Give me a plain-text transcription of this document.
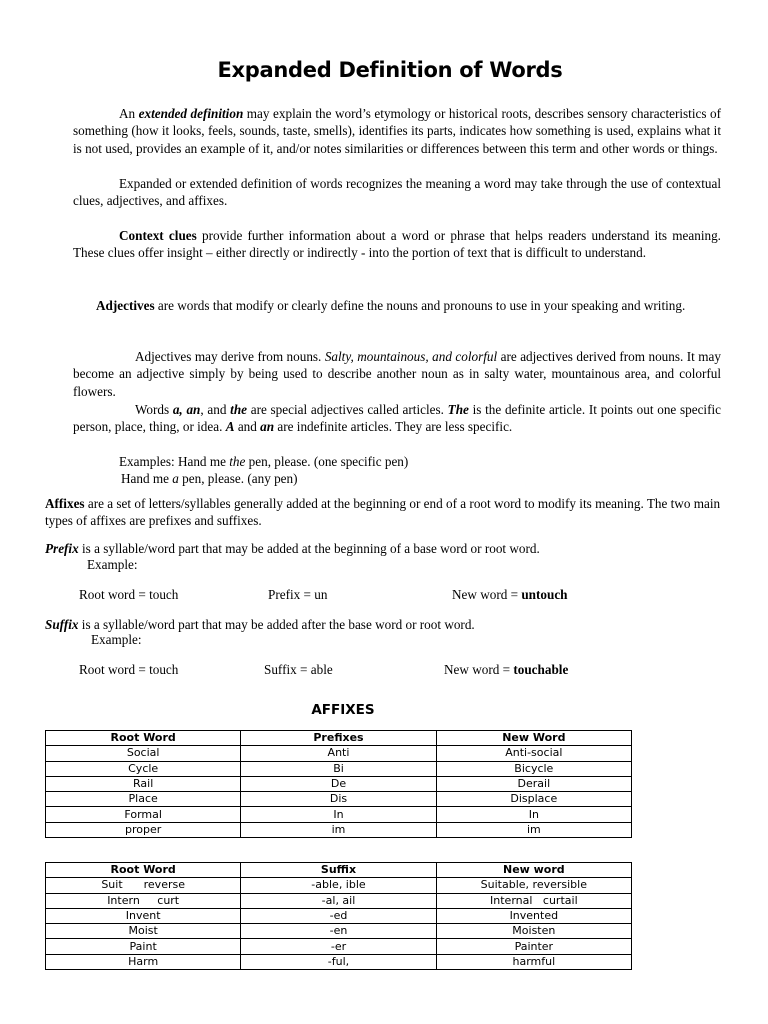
Expanded Definition of Words
An extended definition may explain the word’s etymology or historical roots, describes sensory characteristics of something (how it looks, feels, sounds, taste, smells), identifies its parts, indicates how something is used, explains what it is not used, provides an example of it, and/or notes similarities or differences between this term and other words or things.
Expanded or extended definition of words recognizes the meaning a word may take through the use of contextual clues, adjectives, and affixes.
Context clues provide further information about a word or phrase that helps readers understand its meaning. These clues offer insight – either directly or indirectly - into the portion of text that is difficult to understand.
Adjectives are words that modify or clearly define the nouns and pronouns to use in your speaking and writing.
Adjectives may derive from nouns. Salty, mountainous, and colorful are adjectives derived from nouns. It may become an adjective simply by being used to describe another noun as in salty water, mountainous area, and colorful flowers.
Words a, an, and the are special adjectives called articles. The is the definite article. It points out one specific person, place, thing, or idea. A and an are indefinite articles. They are less specific.
Examples: Hand me the pen, please. (one specific pen)
Hand me a pen, please. (any pen)
Affixes are a set of letters/syllables generally added at the beginning or end of a root word to modify its meaning. The two main types of affixes are prefixes and suffixes.
Prefix is a syllable/word part that may be added at the beginning of a base word or root word.
Example:
Root word = touch	Prefix = un	New word = untouch
Suffix is a syllable/word part that may be added after the base word or root word.
Example:
Root word = touch	Suffix = able	New word = touchable
AFFIXES
Root Word	Prefixes	New Word
Social	Anti	Anti-social
Cycle	Bi	Bicycle
Rail	De	Derail
Place	Dis	Displace
Formal	In	In
proper	im	im
Root Word	Suffix	New word
Suit      reverse	-able, ible	Suitable, reversible
Intern     curt	-al, ail	Internal   curtail
Invent	-ed	Invented
Moist	-en	Moisten
Paint	-er	Painter
Harm	-ful,	harmful
